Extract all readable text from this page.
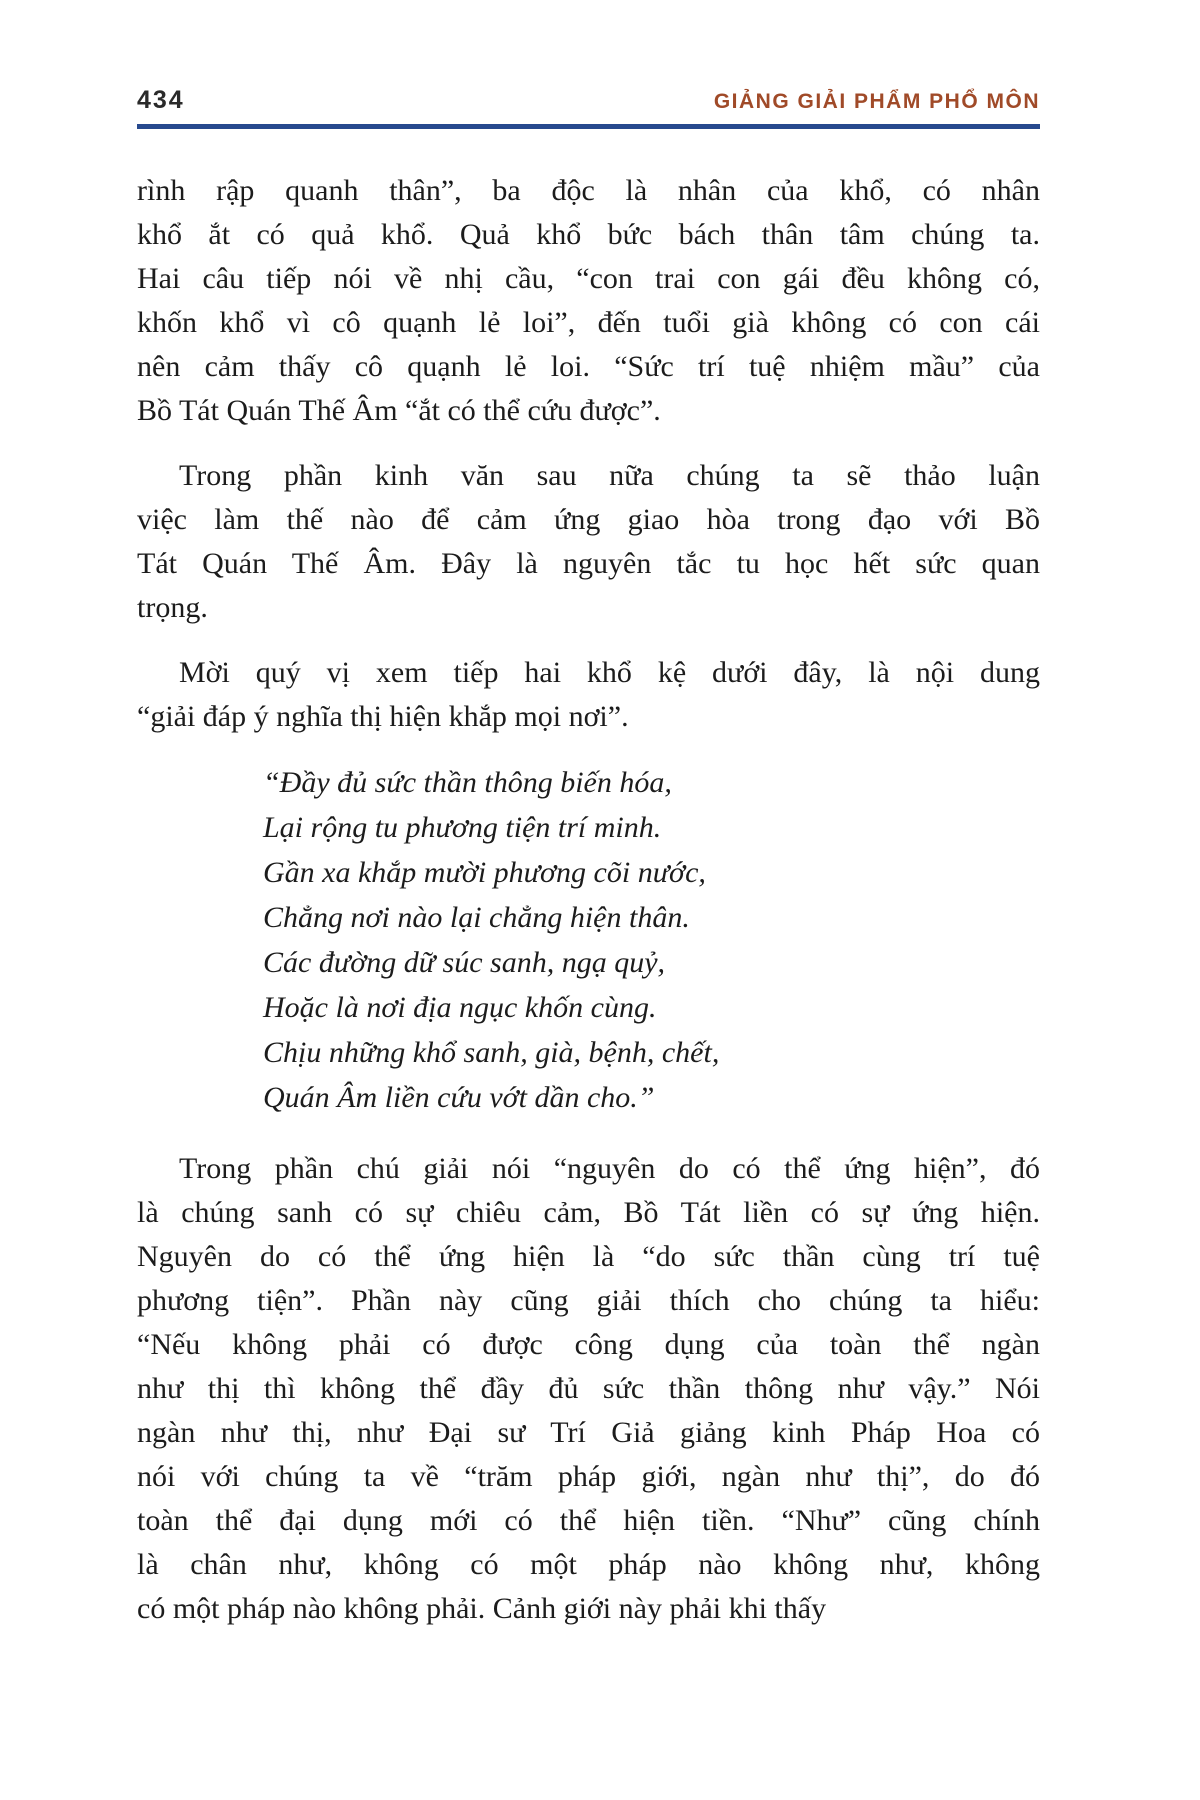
434	GIẢNG GIẢI PHẨM PHỔ MÔN
rình rập quanh thân”, ba độc là nhân của khổ, có nhân
khổ ắt có quả khổ. Quả khổ bức bách thân tâm chúng ta.
Hai câu tiếp nói về nhị cầu, “con trai con gái đều không có,
khốn khổ vì cô quạnh lẻ loi”, đến tuổi già không có con cái
nên cảm thấy cô quạnh lẻ loi. “Sức trí tuệ nhiệm mầu” của
Bồ Tát Quán Thế Âm “ắt có thể cứu được”.
Trong phần kinh văn sau nữa chúng ta sẽ thảo luận
việc làm thế nào để cảm ứng giao hòa trong đạo với Bồ
Tát Quán Thế Âm. Đây là nguyên tắc tu học hết sức quan
trọng.
Mời quý vị xem tiếp hai khổ kệ dưới đây, là nội dung
“giải đáp ý nghĩa thị hiện khắp mọi nơi”.
“Đầy đủ sức thần thông biến hóa,
Lại rộng tu phương tiện trí minh.
Gần xa khắp mười phương cõi nước,
Chẳng nơi nào lại chẳng hiện thân.
Các đường dữ súc sanh, ngạ quỷ,
Hoặc là nơi địa ngục khốn cùng.
Chịu những khổ sanh, già, bệnh, chết,
Quán Âm liền cứu vớt dần cho.”
Trong phần chú giải nói “nguyên do có thể ứng hiện”, đó
là chúng sanh có sự chiêu cảm, Bồ Tát liền có sự ứng hiện.
Nguyên do có thể ứng hiện là “do sức thần cùng trí tuệ
phương tiện”. Phần này cũng giải thích cho chúng ta hiểu:
“Nếu không phải có được công dụng của toàn thể ngàn
như thị thì không thể đầy đủ sức thần thông như vậy.” Nói
ngàn như thị, như Đại sư Trí Giả giảng kinh Pháp Hoa có
nói với chúng ta về “trăm pháp giới, ngàn như thị”, do đó
toàn thể đại dụng mới có thể hiện tiền. “Như” cũng chính
là chân như, không có một pháp nào không như, không
có một pháp nào không phải. Cảnh giới này phải khi thấy
